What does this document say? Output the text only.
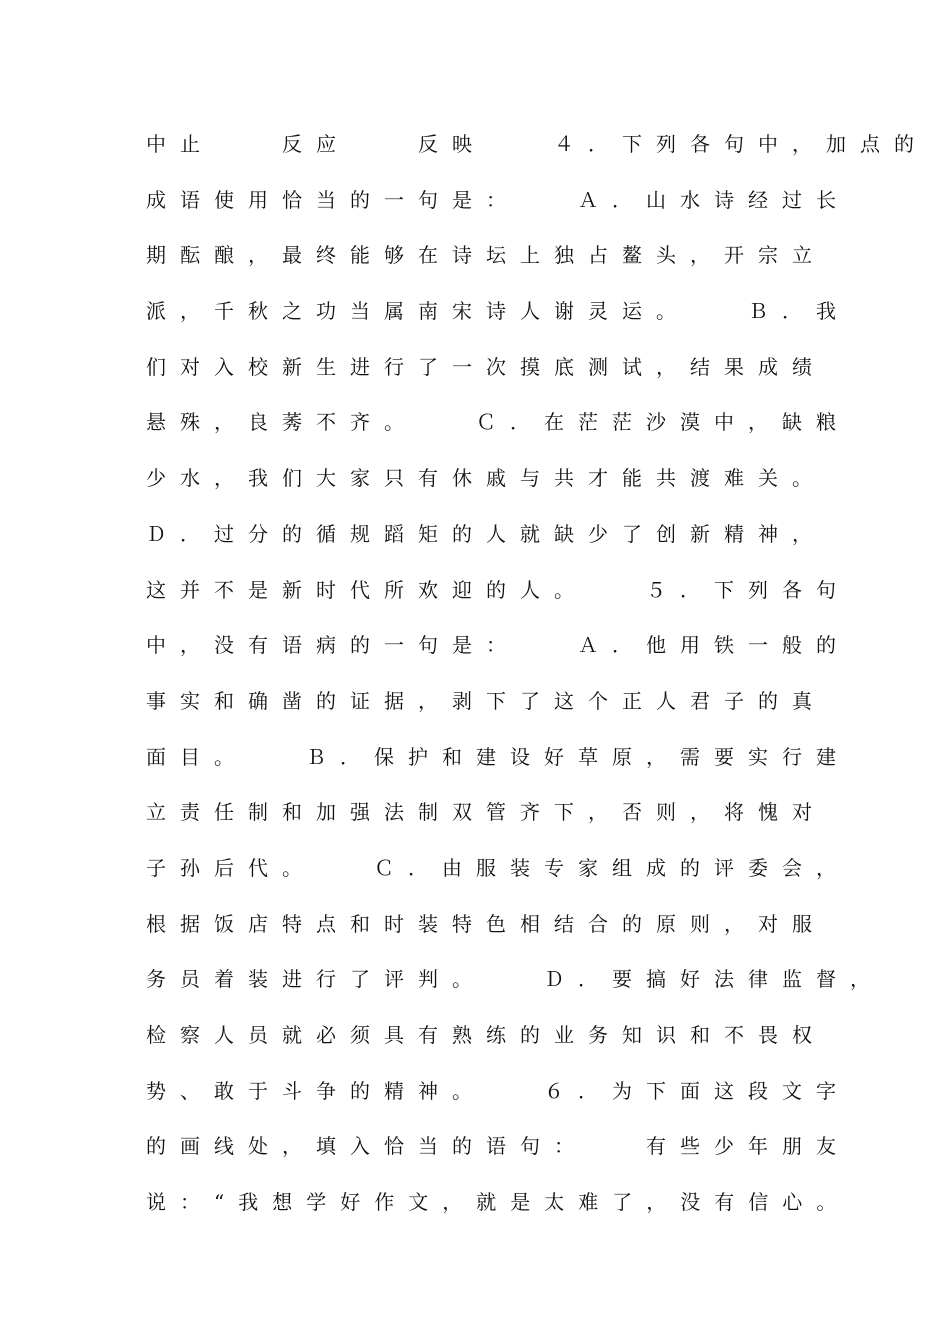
中止　　反应　　反映　　４．下列各句中，加点的
成语使用恰当的一句是：　　Ａ．山水诗经过长
期酝酿，最终能够在诗坛上独占鳌头，开宗立
派，千秋之功当属南宋诗人谢灵运。　　Ｂ．我
们对入校新生进行了一次摸底测试，结果成绩
悬殊，良莠不齐。　　Ｃ．在茫茫沙漠中，缺粮
少水，我们大家只有休戚与共才能共渡难关。
Ｄ．过分的循规蹈矩的人就缺少了创新精神，
这并不是新时代所欢迎的人。　　５．下列各句
中，没有语病的一句是：　　Ａ．他用铁一般的
事实和确凿的证据，剥下了这个正人君子的真
面目。　　Ｂ．保护和建设好草原，需要实行建
立责任制和加强法制双管齐下，否则，将愧对
子孙后代。　　Ｃ．由服装专家组成的评委会，
根据饭店特点和时装特色相结合的原则，对服
务员着装进行了评判。　　Ｄ．要搞好法律监督，
检察人员就必须具有熟练的业务知识和不畏权
势、敢于斗争的精神。　　６．为下面这段文字
的画线处，填入恰当的语句：　　有些少年朋友
说：“我想学好作文，就是太难了，没有信心。
